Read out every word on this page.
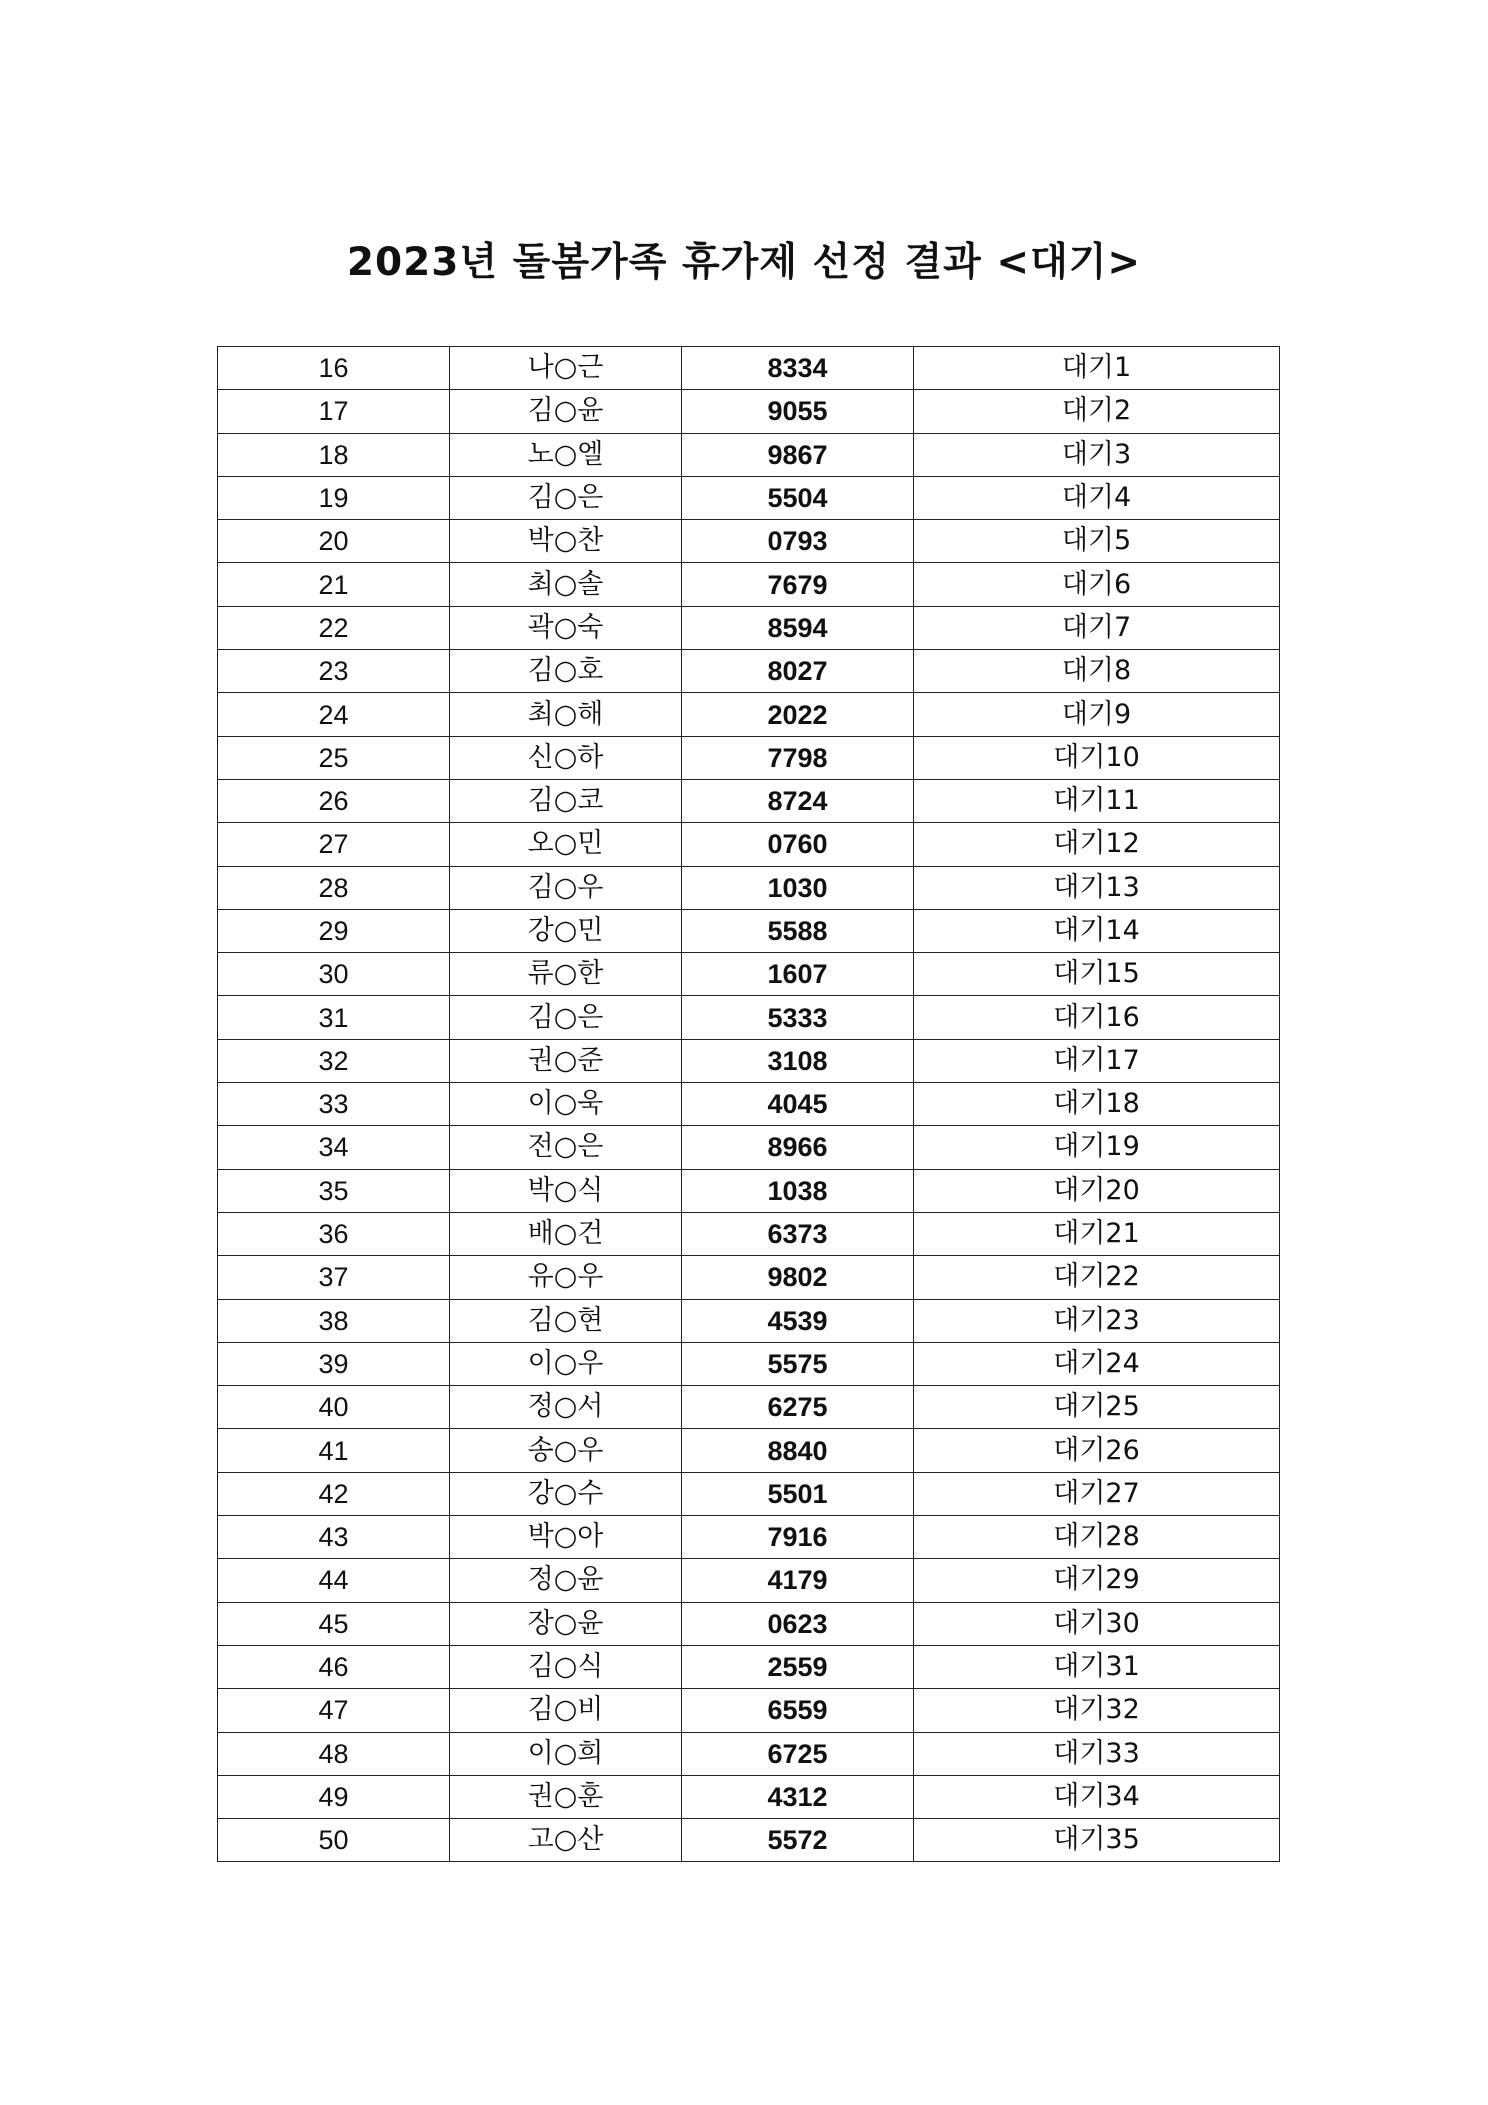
2023년 돌봄가족 휴가제 선정 결과 <대기>
16	나○근	8334	대기1
17	김○윤	9055	대기2
18	노○엘	9867	대기3
19	김○은	5504	대기4
20	박○찬	0793	대기5
21	최○솔	7679	대기6
22	곽○숙	8594	대기7
23	김○호	8027	대기8
24	최○해	2022	대기9
25	신○하	7798	대기10
26	김○코	8724	대기11
27	오○민	0760	대기12
28	김○우	1030	대기13
29	강○민	5588	대기14
30	류○한	1607	대기15
31	김○은	5333	대기16
32	권○준	3108	대기17
33	이○욱	4045	대기18
34	전○은	8966	대기19
35	박○식	1038	대기20
36	배○건	6373	대기21
37	유○우	9802	대기22
38	김○현	4539	대기23
39	이○우	5575	대기24
40	정○서	6275	대기25
41	송○우	8840	대기26
42	강○수	5501	대기27
43	박○아	7916	대기28
44	정○윤	4179	대기29
45	장○윤	0623	대기30
46	김○식	2559	대기31
47	김○비	6559	대기32
48	이○희	6725	대기33
49	권○훈	4312	대기34
50	고○산	5572	대기35
